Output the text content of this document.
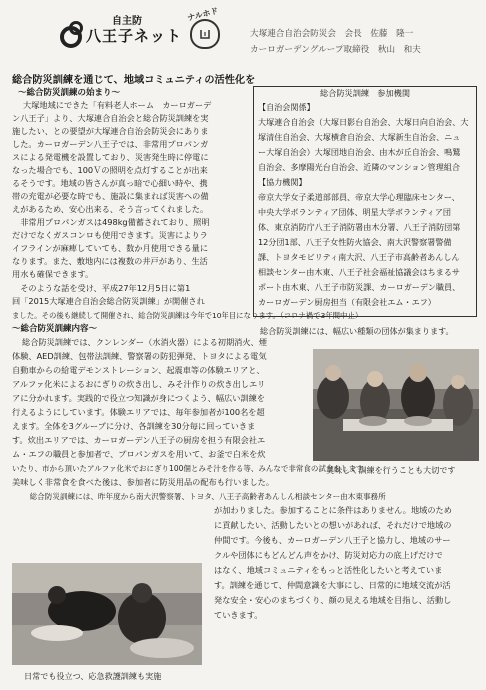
自主防
八王子ネット
ナルホド
大塚連合自治会防災会　会長　佐藤　隆一
カーロガーデングループ取締役　秋山　和夫
総合防災訓練を通じて、地域コミュニティの活性化を
～総合防災訓練の始まり～
大塚地域にできた「有料老人ホーム　カーロガーデ
ン八王子」より、大塚連合自治会と総合防災訓練を実
施したい、との要望が大塚連合自治会防災会にありま
した。カーロガーデン八王子では、非常用プロパンガ
スによる発電機を設置しており、災害発生時に停電に
なった場合でも、100Ｖの照明を点灯することが出来
るそうです。地域の皆さんが真っ暗で心細い時や、携
帯の充電が必要な時でも、施設に集まれば災害への備
えがあるため、安心出来る、そう言ってくれました。
　非常用プロパンガスは498kg備蓄されており、照明
だけでなくガスコンロも使用できます。災害によりラ
イフラインが麻痺していても、数か月使用できる量に
なります。また、敷地内には複数の井戸があり、生活
用水も確保できます。
　そのような話を受け、平成27年12月5日に第1
回「2015大塚連合自治会総合防災訓練」が開催され
ました。その後も継続して開催され、総合防災訓練は今年で10年目になります。（コロナ禍で3年間中止）
総合防災訓練　参加機関
【自治会関係】
大塚連合自治会（大塚日影台自治会、大塚日向自治会、大
塚清住自治会、大塚横倉自治会、大塚新生自治会、ニュ
ー大塚自治会）大塚団地自治会、由木が丘自治会、鳴鷲
自治会、多摩陽光台自治会、近隣のマンション管理組合
【協力機関】
帝京大学女子柔道部部員、帝京大学心理臨床センター、
中央大学ボランティア団体、明星大学ボランティア団
体、東京消防庁八王子消防署由木分署、八王子消防団第
12分団1部、八王子女性防火協会、南大沢警察署警備
課、トヨタモビリティ南大沢、八王子市高齢者あんしん
相談センター由木東、八王子社会福祉協議会はちまるサ
ポート由木東、八王子市防災課、カーロガーデン職員、
カーロガーデン厨房担当（有限会社エム・エフ）
総合防災訓練には、幅広い種類の団体が集まります。
～総合防災訓練内容～
総合防災訓練では、クンレンダー（水消火器）による初期消火、煙
体験、AED訓練、包帯法訓練、警察署の防犯弾発、トヨタによる電気
自動車からの給電デモンストレーション、起震車等の体験エリアと、
アルファ化米によるおにぎりの炊き出し、みそ汁作りの炊き出しエリ
アに分かれます。実践的で役立つ知識が身につくよう、幅広い訓練を
行えるようにしています。体験エリアでは、毎年参加者が100名を超
えます。全体を3グループに分け、各訓練を30分毎に回っていきま
す。炊出エリアでは、カーロガーデン八王子の厨房を担う有限会社エ
ム・エフの職員と参加者で、プロパンガスを用いて、お釜で白米を炊
いたり、市から頂いたアルファ化米でおにぎり100個とみそ汁を作る等、みんなで非常食の試食をします。
美味しく非常食を食べた後は、参加者に防災用品の配布も行いました。
　総合防災訓練には、昨年度から南大沢警察署、トヨタ、八王子高齢者あんしん相談センター由木東事務所
が加わりました。参加することに条件はありません。地域のため
に貢献したい、活動したいとの想いがあれば、それだけで地域の
仲間です。今後も、カーロガーデン八王子と協力し、地域のサー
クルや団体にもどんどん声をかけ、防災対応力の底上げだけで
はなく、地域コミュニティをもっと活性化したいと考えていま
す。訓練を通じて、仲間意識を大事にし、日常的に地域交流が活
発な安全・安心のまちづくり、顔の見える地域を目指し、活動し
ていきます。
美味しく訓練を行うことも大切です
日常でも役立つ、応急救護訓練も実施
